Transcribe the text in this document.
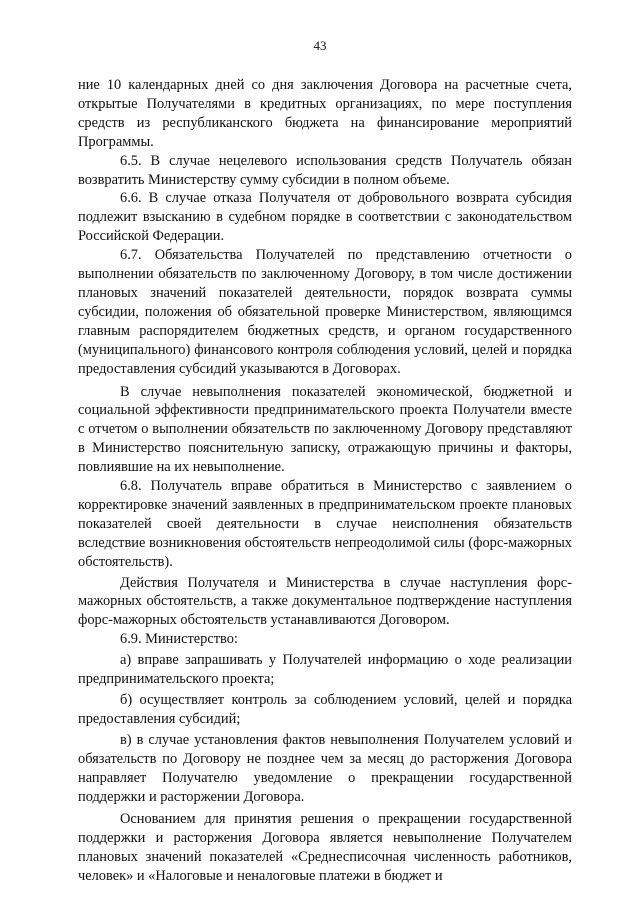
43

ние 10 календарных дней со дня заключения Договора на расчетные счета, открытые Получателями в кредитных организациях, по мере поступления средств из республиканского бюджета на финансирование мероприятий Программы.

6.5. В случае нецелевого использования средств Получатель обязан возвратить Министерству сумму субсидии в полном объеме.

6.6. В случае отказа Получателя от добровольного возврата субсидия подлежит взысканию в судебном порядке в соответствии с законодательством Российской Федерации.

6.7. Обязательства Получателей по представлению отчетности о выполнении обязательств по заключенному Договору, в том числе достижении плановых значений показателей деятельности, порядок возврата суммы субсидии, положения об обязательной проверке Министерством, являющимся главным распорядителем бюджетных средств, и органом государственного (муниципального) финансового контроля соблюдения условий, целей и порядка предоставления субсидий указываются в Договорах.

В случае невыполнения показателей экономической, бюджетной и социальной эффективности предпринимательского проекта Получатели вместе с отчетом о выполнении обязательств по заключенному Договору представляют в Министерство пояснительную записку, отражающую причины и факторы, повлиявшие на их невыполнение.

6.8. Получатель вправе обратиться в Министерство с заявлением о корректировке значений заявленных в предпринимательском проекте плановых показателей своей деятельности в случае неисполнения обязательств вследствие возникновения обстоятельств непреодолимой силы (форс-мажорных обстоятельств).

Действия Получателя и Министерства в случае наступления форс-мажорных обстоятельств, а также документальное подтверждение наступления форс-мажорных обстоятельств устанавливаются Договором.

6.9. Министерство:

а) вправе запрашивать у Получателей информацию о ходе реализации предпринимательского проекта;

б) осуществляет контроль за соблюдением условий, целей и порядка предоставления субсидий;

в) в случае установления фактов невыполнения Получателем условий и обязательств по Договору не позднее чем за месяц до расторжения Договора направляет Получателю уведомление о прекращении государственной поддержки и расторжении Договора.

Основанием для принятия решения о прекращении государственной поддержки и расторжения Договора является невыполнение Получателем плановых значений показателей «Среднесписочная численность работников, человек» и «Налоговые и неналоговые платежи в бюджет и
